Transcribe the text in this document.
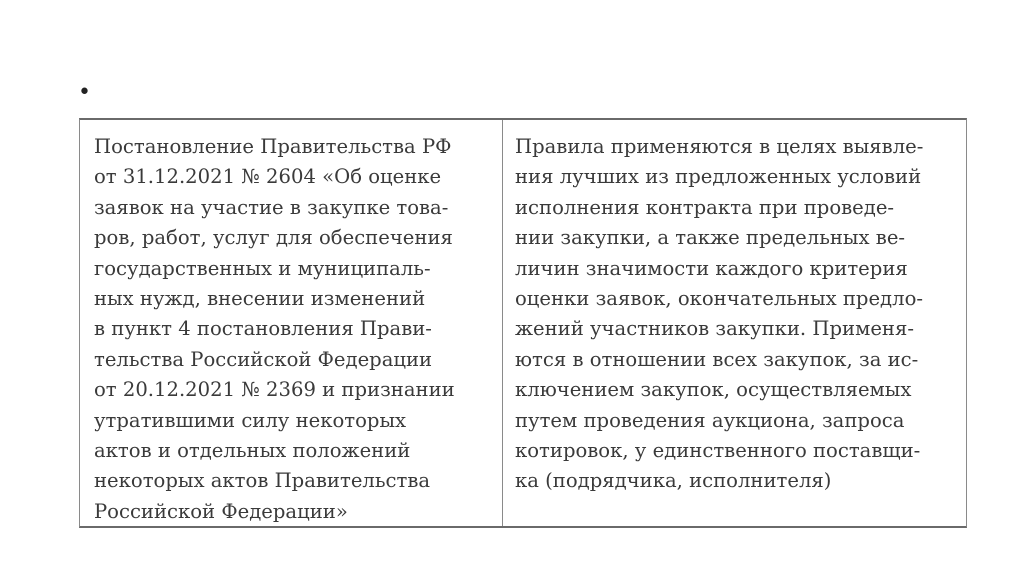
•
Постановление Правительства РФ
от 31.12.2021 № 2604 «Об оценке
заявок на участие в закупке това-
ров, работ, услуг для обеспечения
государственных и муниципаль-
ных нужд, внесении изменений
в пункт 4 постановления Прави-
тельства Российской Федерации
от 20.12.2021 № 2369 и признании
утратившими силу некоторых
актов и отдельных положений
некоторых актов Правительства
Российской Федерации»
Правила применяются в целях выявле-
ния лучших из предложенных условий
исполнения контракта при проведе-
нии закупки, а также предельных ве-
личин значимости каждого критерия
оценки заявок, окончательных предло-
жений участников закупки. Применя-
ются в отношении всех закупок, за ис-
ключением закупок, осуществляемых
путем проведения аукциона, запроса
котировок, у единственного поставщи-
ка (подрядчика, исполнителя)
